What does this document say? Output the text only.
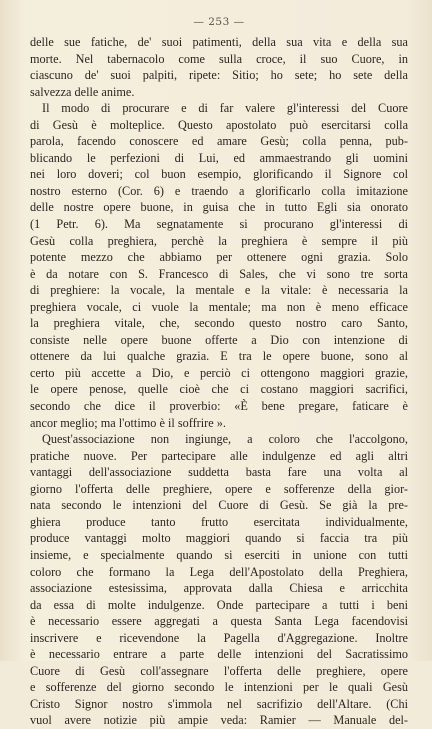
— 253 —
delle sue fatiche, de' suoi patimenti, della sua vita e della sua
morte. Nel tabernacolo come sulla croce, il suo Cuore, in
ciascuno de' suoi palpiti, ripete: Sitio; ho sete; ho sete della
salvezza delle anime.
Il modo di procurare e di far valere gl'interessi del Cuore
di Gesù è molteplice. Questo apostolato può esercitarsi colla
parola, facendo conoscere ed amare Gesù; colla penna, pub-
blicando le perfezioni di Lui, ed ammaestrando gli uomini
nei loro doveri; col buon esempio, glorificando il Signore col
nostro esterno (Cor. 6) e traendo a glorificarlo colla imitazione
delle nostre opere buone, in guisa che in tutto Egli sia onorato
(1 Petr. 6). Ma segnatamente si procurano gl'interessi di
Gesù colla preghiera, perchè la preghiera è sempre il più
potente mezzo che abbiamo per ottenere ogni grazia. Solo
è da notare con S. Francesco di Sales, che vi sono tre sorta
di preghiere: la vocale, la mentale e la vitale: è necessaria la
preghiera vocale, ci vuole la mentale; ma non è meno efficace
la preghiera vitale, che, secondo questo nostro caro Santo,
consiste nelle opere buone offerte a Dio con intenzione di
ottenere da lui qualche grazia. E tra le opere buone, sono al
certo più accette a Dio, e perciò ci ottengono maggiori grazie,
le opere penose, quelle cioè che ci costano maggiori sacrifici,
secondo che dice il proverbio: «È bene pregare, faticare è
ancor meglio; ma l'ottimo è il soffrire ».
Quest'associazione non ingiunge, a coloro che l'accolgono,
pratiche nuove. Per partecipare alle indulgenze ed agli altri
vantaggi dell'associazione suddetta basta fare una volta al
giorno l'offerta delle preghiere, opere e sofferenze della gior-
nata secondo le intenzioni del Cuore di Gesù. Se già la pre-
ghiera produce tanto frutto esercitata individualmente,
produce vantaggi molto maggiori quando si faccia tra più
insieme, e specialmente quando si eserciti in unione con tutti
coloro che formano la Lega dell'Apostolato della Preghiera,
associazione estesissima, approvata dalla Chiesa e arricchita
da essa di molte indulgenze. Onde partecipare a tutti i beni
è necessario essere aggregati a questa Santa Lega facendovisi
inscrivere e ricevendone la Pagella d'Aggregazione. Inoltre
è necessario entrare a parte delle intenzioni del Sacratissimo
Cuore di Gesù coll'assegnare l'offerta delle preghiere, opere
e sofferenze del giorno secondo le intenzioni per le quali Gesù
Cristo Signor nostro s'immola nel sacrifizio dell'Altare. (Chi
vuol avere notizie più ampie veda: Ramier — Manuale del-
